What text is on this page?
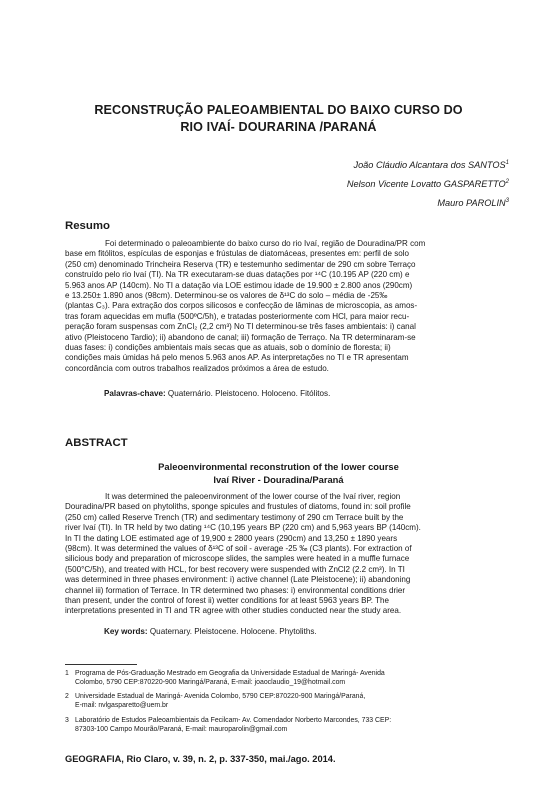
RECONSTRUÇÃO PALEOAMBIENTAL DO BAIXO CURSO DO
RIO IVAÍ- DOURARINA /PARANÁ
João Cláudio Alcantara dos SANTOS$^1$
Nelson Vicente Lovatto GASPARETTO$^2$
Mauro PAROLIN$^3$
Resumo
Foi determinado o paleoambiente do baixo curso do rio Ivaí, região de Douradina/PR com
base em fitólitos, espículas de esponjas e frústulas de diatomáceas, presentes em: perfil de solo
(250 cm) denominado Trincheira Reserva (TR) e testemunho sedimentar de 290 cm sobre Terraço
construído pelo rio Ivaí (TI). Na TR executaram-se duas datações por ¹⁴C (10.195 AP (220 cm) e
5.963 anos AP (140cm). No TI a datação via LOE estimou idade de 19.900 ± 2.800 anos (290cm)
e 13.250± 1.890 anos (98cm). Determinou-se os valores de δ¹³C do solo – média de -25‰
(plantas C₃). Para extração dos corpos silicosos e confecção de lâminas de microscopia, as amos-
tras foram aquecidas em mufla (500ºC/5h), e tratadas posteriormente com HCl, para maior recu-
peração foram suspensas com ZnCl₂ (2,2 cm³) No TI determinou-se três fases ambientais: i) canal
ativo (Pleistoceno Tardio); ii) abandono de canal; iii) formação de Terraço. Na TR determinaram-se
duas fases: i) condições ambientais mais secas que as atuais, sob o domínio de floresta; ii)
condições mais úmidas há pelo menos 5.963 anos AP. As interpretações no TI e TR apresentam
concordância com outros trabalhos realizados próximos a área de estudo.
Palavras-chave: Quaternário. Pleistoceno. Holoceno. Fitólitos.
ABSTRACT
Paleoenvironmental reconstrution of the lower course
Ivaí River - Douradina/Paraná
It was determined the paleoenvironment of the lower course of the Ivaí river, region
Douradina/PR based on phytoliths, sponge spicules and frustules of diatoms, found in: soil profile
(250 cm) called Reserve Trench (TR) and sedimentary testimony of 290 cm Terrace built by the
river Ivaí (TI). In TR held by two dating ¹⁴C (10,195 years BP (220 cm) and 5,963 years BP (140cm).
In TI the dating LOE estimated age of 19,900 ± 2800 years (290cm) and 13,250 ± 1890 years
(98cm). It was determined the values of δ¹³C of soil - average -25 ‰ (C3 plants). For extraction of
silicious body and preparation of microscope slides, the samples were heated in a muffle furnace
(500°C/5h), and treated with HCL, for best recovery were suspended with ZnCl2 (2.2 cm³). In TI
was determined in three phases environment: i) active channel (Late Pleistocene); ii) abandoning
channel iii) formation of Terrace. In TR determined two phases: i) environmental conditions drier
than present, under the control of forest ii) wetter conditions for at least 5963 years BP. The
interpretations presented in TI and TR agree with other studies conducted near the study area.
Key words: Quaternary. Pleistocene. Holocene. Phytoliths.
1 Programa de Pós-Graduação Mestrado em Geografia da Universidade Estadual de Maringá- Avenida
Colombo, 5790 CEP:870220-900 Maringá/Paraná, E-mail: joaoclaudio_19@hotmail.com
2 Universidade Estadual de Maringá- Avenida Colombo, 5790 CEP:870220-900 Maringá/Paraná,
E-mail: nvlgasparetto@uem.br
3 Laboratório de Estudos Paleoambientais da Fecilcam- Av. Comendador Norberto Marcondes, 733 CEP:
87303-100 Campo Mourão/Paraná, E-mail: mauroparolin@gmail.com
GEOGRAFIA, Rio Claro, v. 39, n. 2, p. 337-350, mai./ago. 2014.
